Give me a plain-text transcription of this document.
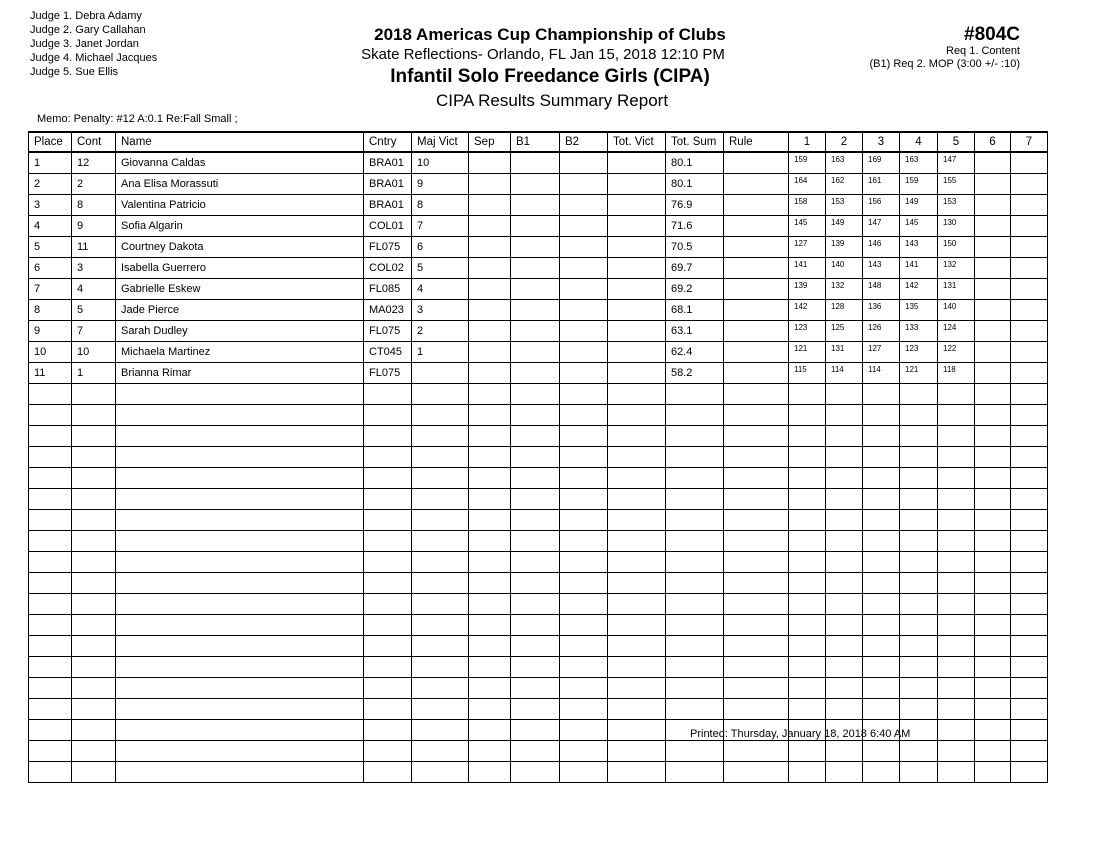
Judge 1. Debra Adamy
Judge 2. Gary Callahan
Judge 3. Janet Jordan
Judge 4. Michael Jacques
Judge 5. Sue Ellis
2018 Americas Cup Championship of Clubs
Skate Reflections- Orlando, FL Jan 15, 2018 12:10 PM
Infantil Solo Freedance Girls (CIPA)
CIPA Results Summary Report
#804C
Req 1. Content
(B1) Req 2. MOP (3:00 +/- :10)
Memo: Penalty: #12 A:0.1 Re:Fall Small ;
Place	Cont	Name	Cntry	Maj Vict	Sep	B1	B2	Tot. Vict	Tot. Sum	Rule	1	2	3	4	5	6	7
1	12	Giovanna Caldas	BRA01	10					80.1		159	163	169	163	147		
2	2	Ana Elisa Morassuti	BRA01	9					80.1		164	162	161	159	155		
3	8	Valentina Patricio	BRA01	8					76.9		158	153	156	149	153		
4	9	Sofia Algarin	COL01	7					71.6		145	149	147	145	130		
5	11	Courtney Dakota	FL075	6					70.5		127	139	146	143	150		
6	3	Isabella Guerrero	COL02	5					69.7		141	140	143	141	132		
7	4	Gabrielle Eskew	FL085	4					69.2		139	132	148	142	131		
8	5	Jade Pierce	MA023	3					68.1		142	128	136	135	140		
9	7	Sarah Dudley	FL075	2					63.1		123	125	126	133	124		
10	10	Michaela Martinez	CT045	1					62.4		121	131	127	123	122		
11	1	Brianna Rimar	FL075						58.2		115	114	114	121	118		

Printed: Thursday, January 18, 2018 6:40 AM
